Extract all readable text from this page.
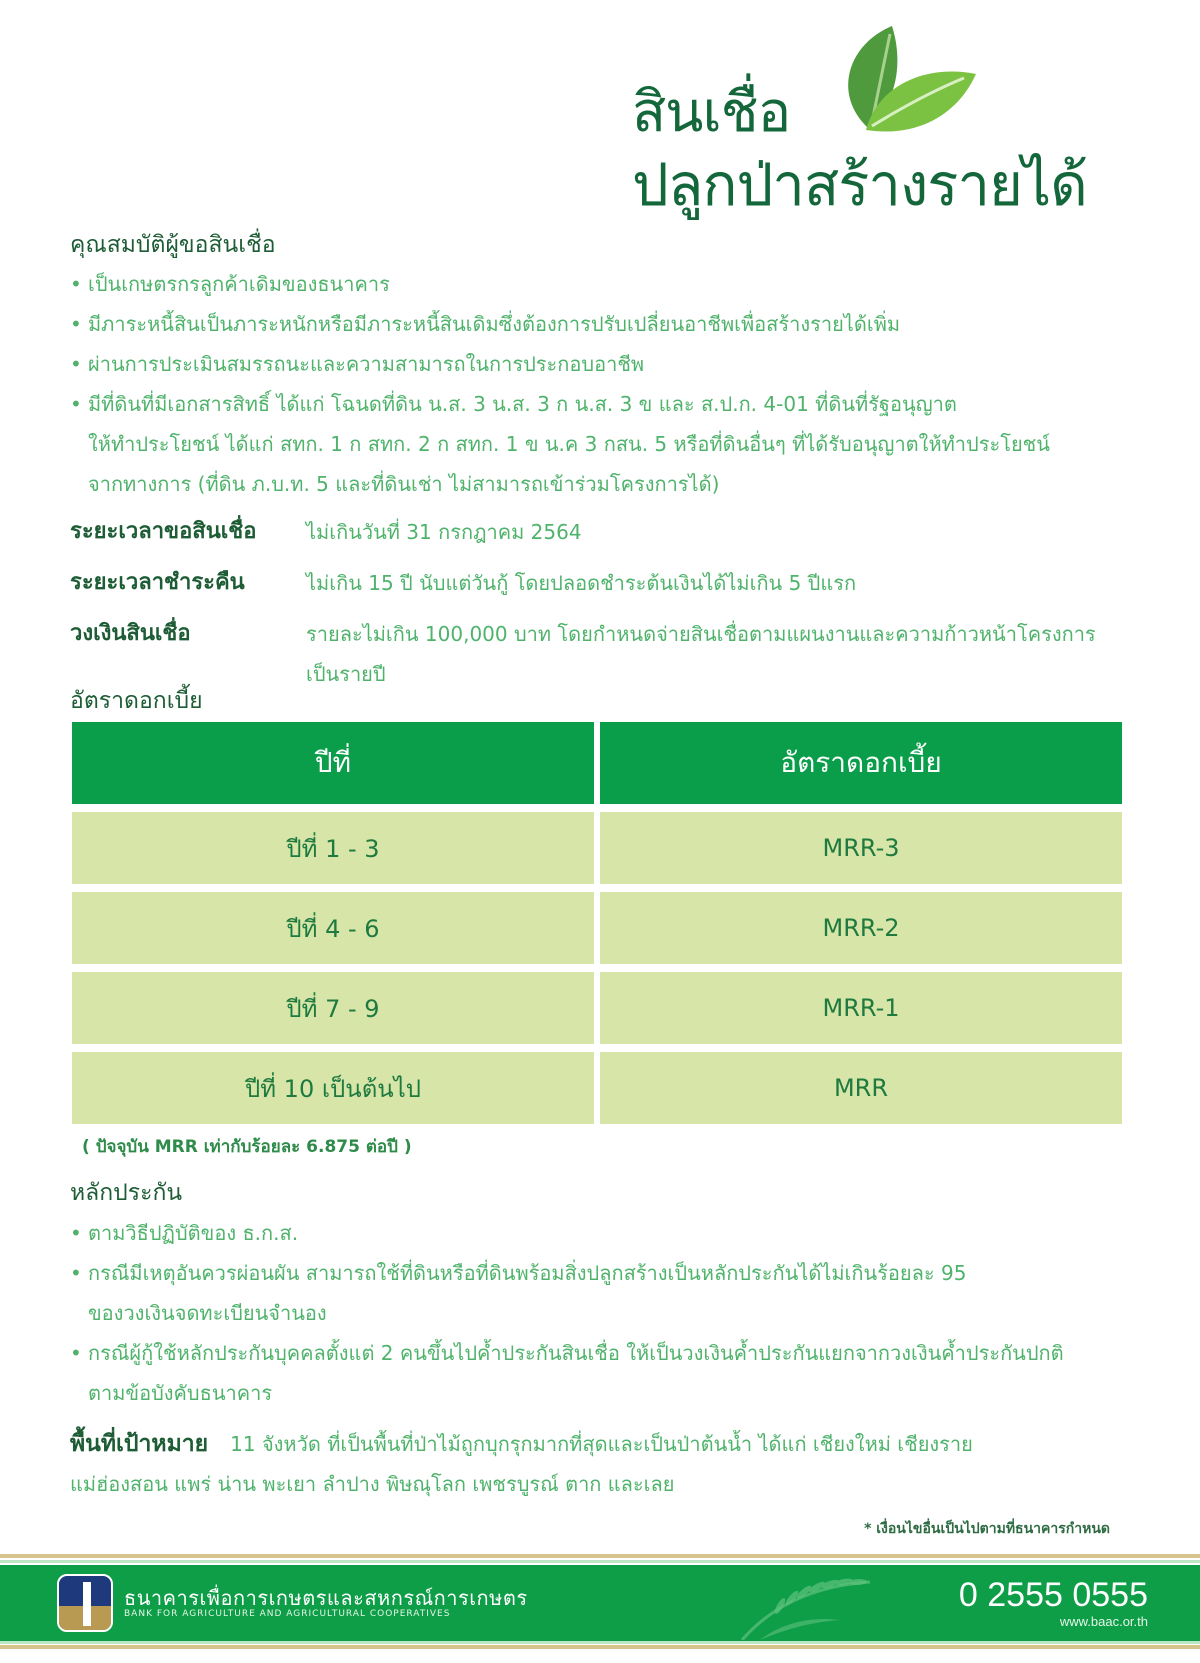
สินเชื่อ
ปลูกป่าสร้างรายได้
คุณสมบัติผู้ขอสินเชื่อ
• เป็นเกษตรกรลูกค้าเดิมของธนาคาร
• มีภาระหนี้สินเป็นภาระหนักหรือมีภาระหนี้สินเดิมซึ่งต้องการปรับเปลี่ยนอาชีพเพื่อสร้างรายได้เพิ่ม
• ผ่านการประเมินสมรรถนะและความสามารถในการประกอบอาชีพ
• มีที่ดินที่มีเอกสารสิทธิ์ ได้แก่ โฉนดที่ดิน น.ส. 3 น.ส. 3 ก น.ส. 3 ข และ ส.ป.ก. 4-01 ที่ดินที่รัฐอนุญาต
ให้ทำประโยชน์ ได้แก่ สทก. 1 ก สทก. 2 ก สทก. 1 ข น.ค 3 กสน. 5 หรือที่ดินอื่นๆ ที่ได้รับอนุญาตให้ทำประโยชน์
จากทางการ (ที่ดิน ภ.บ.ท. 5 และที่ดินเช่า ไม่สามารถเข้าร่วมโครงการได้)
ระยะเวลาขอสินเชื่อ	ไม่เกินวันที่ 31 กรกฎาคม 2564
ระยะเวลาชำระคืน	ไม่เกิน 15 ปี นับแต่วันกู้ โดยปลอดชำระต้นเงินได้ไม่เกิน 5 ปีแรก
วงเงินสินเชื่อ	รายละไม่เกิน 100,000 บาท โดยกำหนดจ่ายสินเชื่อตามแผนงานและความก้าวหน้าโครงการ
เป็นรายปี
อัตราดอกเบี้ย
ปีที่	อัตราดอกเบี้ย
ปีที่ 1 - 3	MRR-3
ปีที่ 4 - 6	MRR-2
ปีที่ 7 - 9	MRR-1
ปีที่ 10 เป็นต้นไป	MRR
( ปัจจุบัน MRR เท่ากับร้อยละ 6.875 ต่อปี )
หลักประกัน
• ตามวิธีปฏิบัติของ ธ.ก.ส.
• กรณีมีเหตุอันควรผ่อนผัน สามารถใช้ที่ดินหรือที่ดินพร้อมสิ่งปลูกสร้างเป็นหลักประกันได้ไม่เกินร้อยละ 95
ของวงเงินจดทะเบียนจำนอง
• กรณีผู้กู้ใช้หลักประกันบุคคลตั้งแต่ 2 คนขึ้นไปค้ำประกันสินเชื่อ ให้เป็นวงเงินค้ำประกันแยกจากวงเงินค้ำประกันปกติ
ตามข้อบังคับธนาคาร
พื้นที่เป้าหมาย 11 จังหวัด ที่เป็นพื้นที่ป่าไม้ถูกบุกรุกมากที่สุดและเป็นป่าต้นน้ำ ได้แก่ เชียงใหม่ เชียงราย
แม่ฮ่องสอน แพร่ น่าน พะเยา ลำปาง พิษณุโลก เพชรบูรณ์ ตาก และเลย
* เงื่อนไขอื่นเป็นไปตามที่ธนาคารกำหนด
ธนาคารเพื่อการเกษตรและสหกรณ์การเกษตร
BANK FOR AGRICULTURE AND AGRICULTURAL COOPERATIVES	0 2555 0555
www.baac.or.th
